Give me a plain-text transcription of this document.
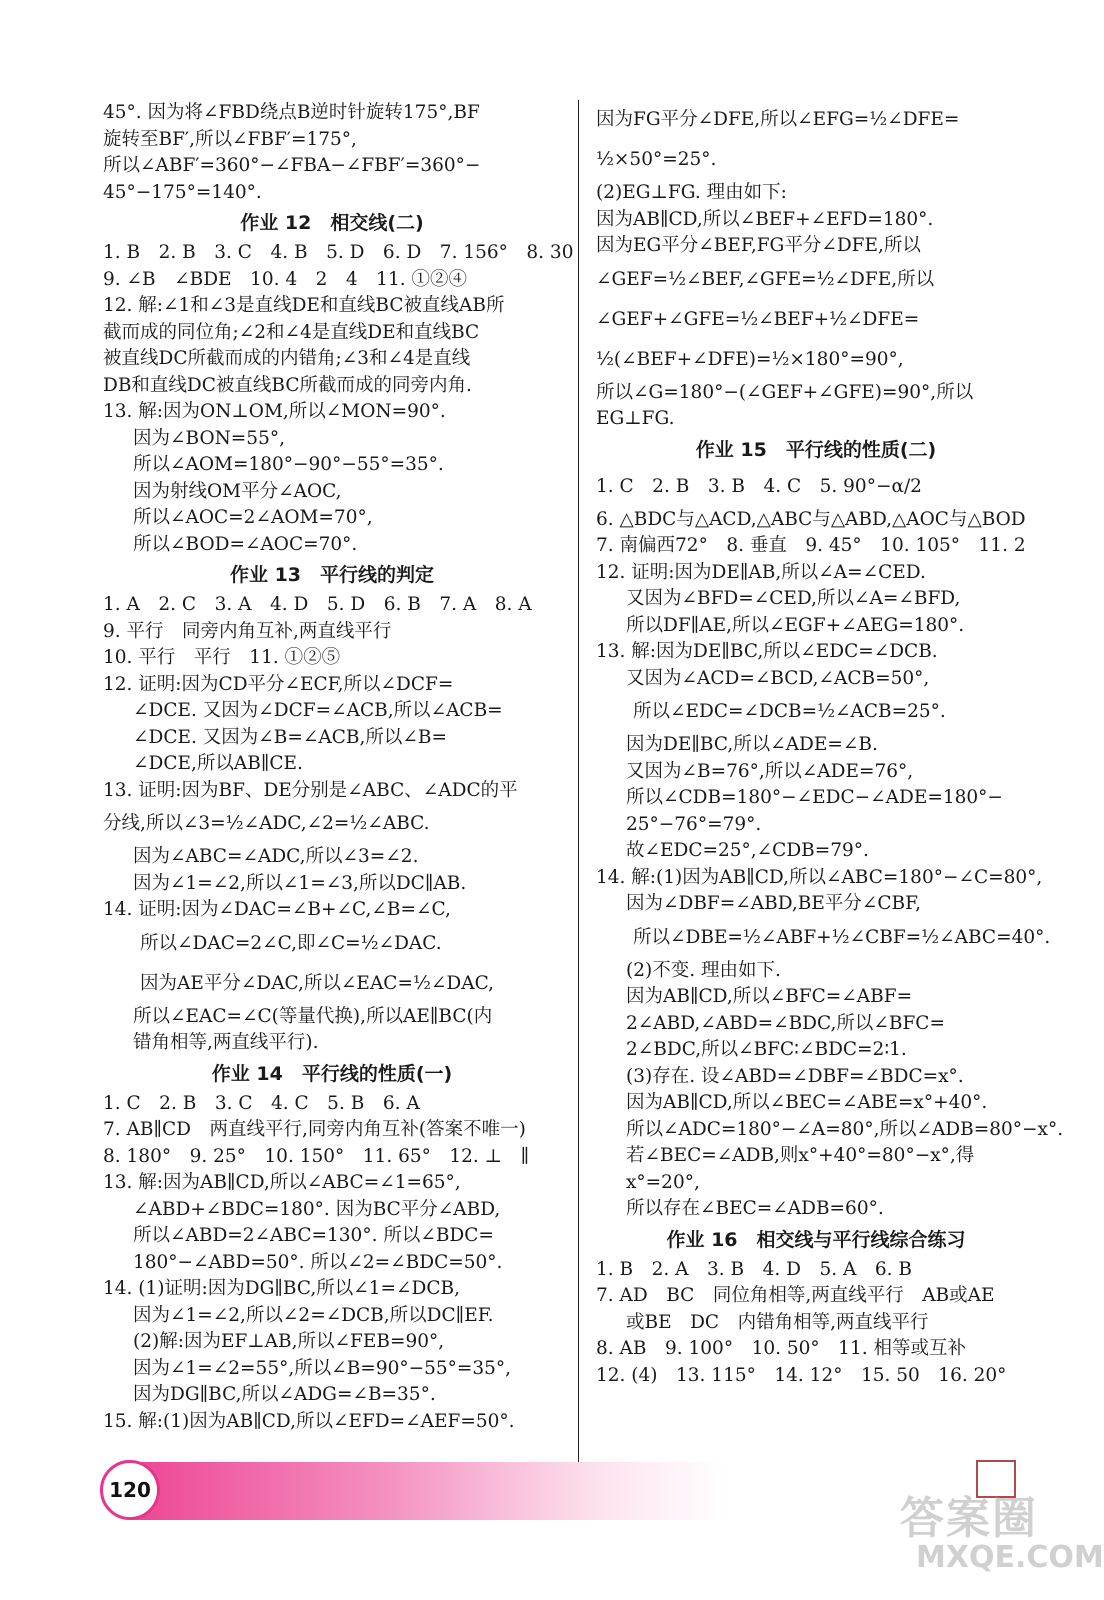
45°. 因为将∠FBD绕点B逆时针旋转175°,BF
旋转至BF′,所以∠FBF′=175°,
所以∠ABF′=360°−∠FBA−∠FBF′=360°−
45°−175°=140°.
作业 12　相交线(二)
1. B　2. B　3. C　4. B　5. D　6. D　7. 156°　8. 30
9. ∠B　∠BDE　10. 4　2　4　11. ①②④
12. 解:∠1和∠3是直线DE和直线BC被直线AB所
截而成的同位角;∠2和∠4是直线DE和直线BC
被直线DC所截而成的内错角;∠3和∠4是直线
DB和直线DC被直线BC所截而成的同旁内角.
13. 解:因为ON⊥OM,所以∠MON=90°.
因为∠BON=55°,
所以∠AOM=180°−90°−55°=35°.
因为射线OM平分∠AOC,
所以∠AOC=2∠AOM=70°,
所以∠BOD=∠AOC=70°.
作业 13　平行线的判定
1. A　2. C　3. A　4. D　5. D　6. B　7. A　8. A
9. 平行　同旁内角互补,两直线平行
10. 平行　平行　11. ①②⑤
12. 证明:因为CD平分∠ECF,所以∠DCF=
∠DCE. 又因为∠DCF=∠ACB,所以∠ACB=
∠DCE. 又因为∠B=∠ACB,所以∠B=
∠DCE,所以AB∥CE.
13. 证明:因为BF、DE分别是∠ABC、∠ADC的平
分线,所以∠3=½∠ADC,∠2=½∠ABC.
因为∠ABC=∠ADC,所以∠3=∠2.
因为∠1=∠2,所以∠1=∠3,所以DC∥AB.
14. 证明:因为∠DAC=∠B+∠C,∠B=∠C,
　　所以∠DAC=2∠C,即∠C=½∠DAC.
　　因为AE平分∠DAC,所以∠EAC=½∠DAC,
所以∠EAC=∠C(等量代换),所以AE∥BC(内
错角相等,两直线平行).
作业 14　平行线的性质(一)
1. C　2. B　3. C　4. C　5. B　6. A
7. AB∥CD　两直线平行,同旁内角互补(答案不唯一)
8. 180°　9. 25°　10. 150°　11. 65°　12. ⊥　∥
13. 解:因为AB∥CD,所以∠ABC=∠1=65°,
∠ABD+∠BDC=180°. 因为BC平分∠ABD,
所以∠ABD=2∠ABC=130°. 所以∠BDC=
180°−∠ABD=50°. 所以∠2=∠BDC=50°.
14. (1)证明:因为DG∥BC,所以∠1=∠DCB,
因为∠1=∠2,所以∠2=∠DCB,所以DC∥EF.
(2)解:因为EF⊥AB,所以∠FEB=90°,
因为∠1=∠2=55°,所以∠B=90°−55°=35°,
因为DG∥BC,所以∠ADG=∠B=35°.
15. 解:(1)因为AB∥CD,所以∠EFD=∠AEF=50°.
因为FG平分∠DFE,所以∠EFG=½∠DFE=
½×50°=25°.
(2)EG⊥FG. 理由如下:
因为AB∥CD,所以∠BEF+∠EFD=180°.
因为EG平分∠BEF,FG平分∠DFE,所以
∠GEF=½∠BEF,∠GFE=½∠DFE,所以
∠GEF+∠GFE=½∠BEF+½∠DFE=
½(∠BEF+∠DFE)=½×180°=90°,
所以∠G=180°−(∠GEF+∠GFE)=90°,所以
EG⊥FG.
作业 15　平行线的性质(二)
1. C　2. B　3. B　4. C　5. 90°−α/2
6. △BDC与△ACD,△ABC与△ABD,△AOC与△BOD
7. 南偏西72°　8. 垂直　9. 45°　10. 105°　11. 2
12. 证明:因为DE∥AB,所以∠A=∠CED.
又因为∠BFD=∠CED,所以∠A=∠BFD,
所以DF∥AE,所以∠EGF+∠AEG=180°.
13. 解:因为DE∥BC,所以∠EDC=∠DCB.
又因为∠ACD=∠BCD,∠ACB=50°,
　　所以∠EDC=∠DCB=½∠ACB=25°.
因为DE∥BC,所以∠ADE=∠B.
又因为∠B=76°,所以∠ADE=76°,
所以∠CDB=180°−∠EDC−∠ADE=180°−
25°−76°=79°.
故∠EDC=25°,∠CDB=79°.
14. 解:(1)因为AB∥CD,所以∠ABC=180°−∠C=80°,
因为∠DBF=∠ABD,BE平分∠CBF,
　　所以∠DBE=½∠ABF+½∠CBF=½∠ABC=40°.
(2)不变. 理由如下.
因为AB∥CD,所以∠BFC=∠ABF=
2∠ABD,∠ABD=∠BDC,所以∠BFC=
2∠BDC,所以∠BFC∶∠BDC=2∶1.
(3)存在. 设∠ABD=∠DBF=∠BDC=x°.
因为AB∥CD,所以∠BEC=∠ABE=x°+40°.
所以∠ADC=180°−∠A=80°,所以∠ADB=80°−x°.
若∠BEC=∠ADB,则x°+40°=80°−x°,得
x°=20°,
所以存在∠BEC=∠ADB=60°.
作业 16　相交线与平行线综合练习
1. B　2. A　3. B　4. D　5. A　6. B
7. AD　BC　同位角相等,两直线平行　AB或AE
或BE　DC　内错角相等,两直线平行
8. AB　9. 100°　10. 50°　11. 相等或互补
12. (4)　13. 115°　14. 12°　15. 50　16. 20°
120
答案圈
MXQE.COM
